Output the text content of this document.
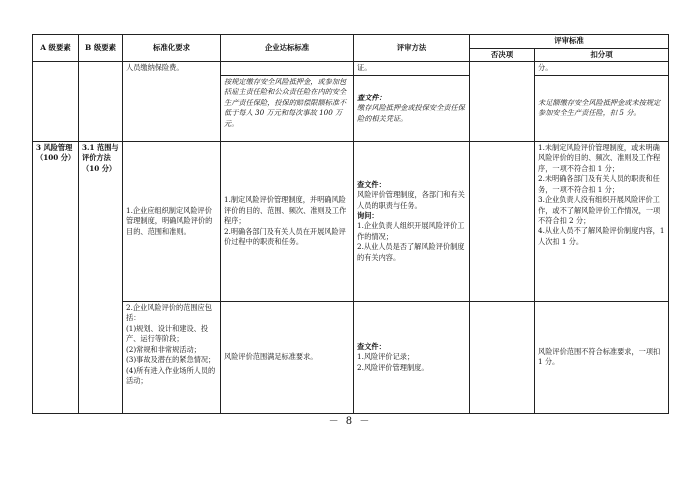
A 级要素	B 级要素	标准化要求	企业达标标准	评审方法	评审标准	
					否决项	扣分项
		人员缴纳保险费。		证。		分。
			按规定缴存安全风险抵押金，或参加包括雇主责任险和公众责任险在内的安全生产责任保险，投保的赔偿限额标准不低于每人 30 万元和每次事故 100 万元。	查文件：
缴存风险抵押金或投保安全责任保险的相关凭证。		未足额缴存安全风险抵押金或未按规定参加安全生产责任险，扣 5 分。
3 风险管理（100 分）	3.1 范围与评价方法（10 分）	1.企业应组织制定风险评价管理制度，明确风险评价的目的、范围和准则。	1.制定风险评价管理制度，并明确风险评价的目的、范围、频次、准则及工作程序；
2.明确各部门及有关人员在开展风险评价过程中的职责和任务。	查文件：
风险评价管理制度，各部门和有关人员的职责与任务。
询问：
1.企业负责人组织开展风险评价工作的情况；
2.从业人员是否了解风险评价制度的有关内容。		1.未制定风险评价管理制度，或未明确风险评价的目的、频次、准则及工作程序，一项不符合扣 1 分；
2.未明确各部门及有关人员的职责和任务，一项不符合扣 1 分；
3.企业负责人没有组织开展风险评价工作，或不了解风险评价工作情况，一项不符合扣 2 分；
4.从业人员不了解风险评价制度内容，1 人次扣 1 分。
		2.企业风险评价的范围应包括：
(1)规划、设计和建设、投产、运行等阶段；
(2)常规和非常规活动；
(3)事故及潜在的紧急情况；
(4)所有进入作业场所人员的活动；	风险评价范围满足标准要求。	查文件：
1.风险评价记录；
2.风险评价管理制度。		风险评价范围不符合标准要求，一项扣 1 分。
－ 8 －
